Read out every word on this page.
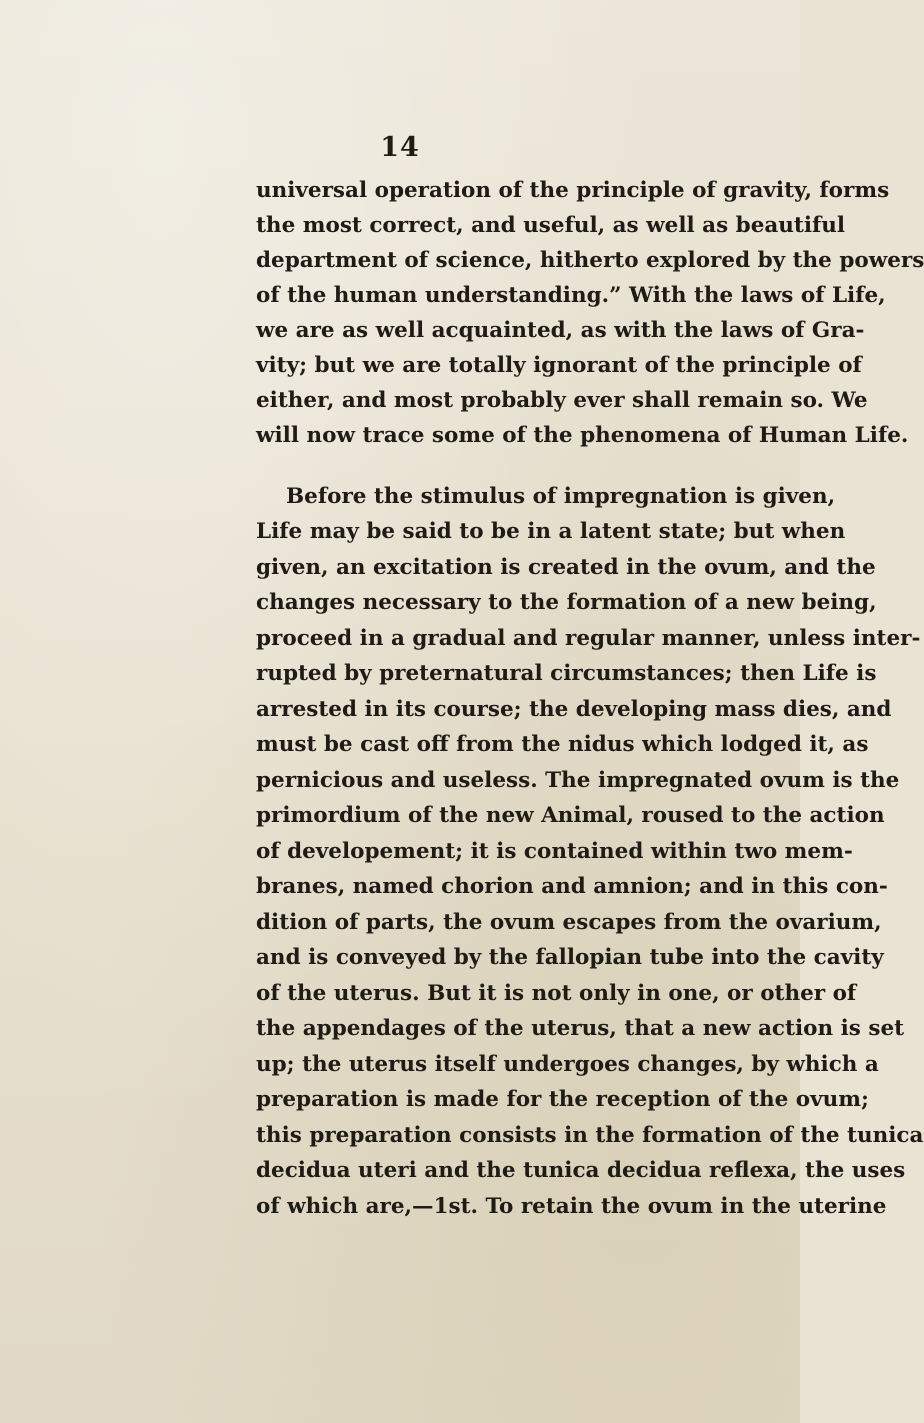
14
universal operation of the principle of gravity, forms
the most correct, and useful, as well as beautiful
department of science, hitherto explored by the powers
of the human understanding.” With the laws of Life,
we are as well acquainted, as with the laws of Gra-
vity; but we are totally ignorant of the principle of
either, and most probably ever shall remain so. We
will now trace some of the phenomena of Human Life.
Before the stimulus of impregnation is given,
Life may be said to be in a latent state; but when
given, an excitation is created in the ovum, and the
changes necessary to the formation of a new being,
proceed in a gradual and regular manner, unless inter-
rupted by preternatural circumstances; then Life is
arrested in its course; the developing mass dies, and
must be cast off from the nidus which lodged it, as
pernicious and useless. The impregnated ovum is the
primordium of the new Animal, roused to the action
of developement; it is contained within two mem-
branes, named chorion and amnion; and in this con-
dition of parts, the ovum escapes from the ovarium,
and is conveyed by the fallopian tube into the cavity
of the uterus. But it is not only in one, or other of
the appendages of the uterus, that a new action is set
up; the uterus itself undergoes changes, by which a
preparation is made for the reception of the ovum;
this preparation consists in the formation of the tunica
decidua uteri and the tunica decidua reflexa, the uses
of which are,—1st. To retain the ovum in the uterine
